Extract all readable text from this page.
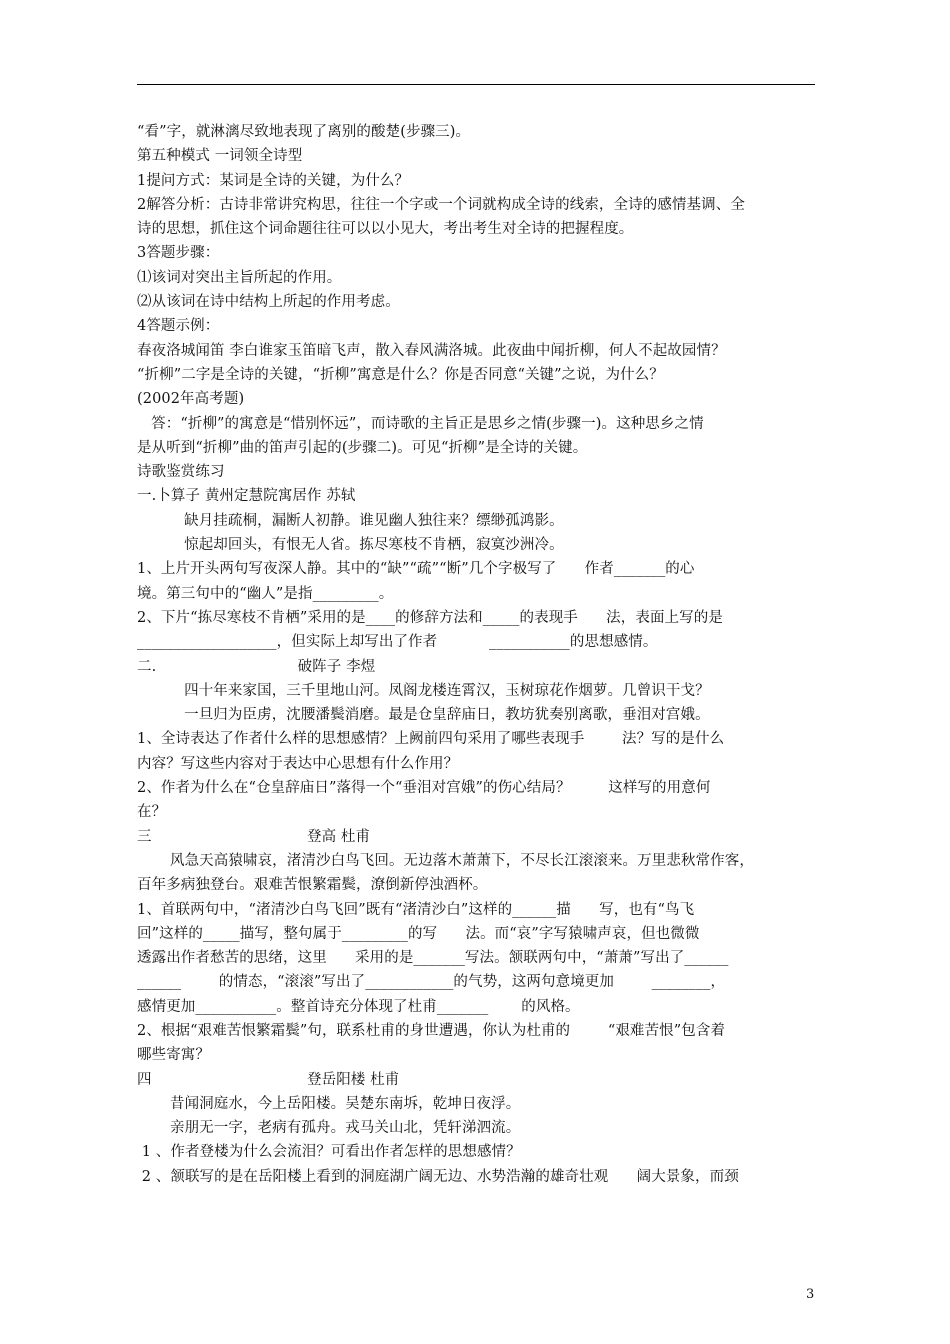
“看”字，就淋漓尽致地表现了离别的酸楚(步骤三)。
第五种模式 一词领全诗型
1提问方式：某词是全诗的关键，为什么？
2解答分析：古诗非常讲究构思，往往一个字或一个词就构成全诗的线索，全诗的感情基调、全
诗的思想，抓住这个词命题往往可以以小见大，考出考生对全诗的把握程度。
3答题步骤：
⑴该词对突出主旨所起的作用。
⑵从该词在诗中结构上所起的作用考虑。
4答题示例：
春夜洛城闻笛 李白谁家玉笛暗飞声，散入春风满洛城。此夜曲中闻折柳，何人不起故园情？
“折柳”二字是全诗的关键，“折柳”寓意是什么？你是否同意“关键”之说，为什么？
(2002年高考题)
答：“折柳”的寓意是“惜别怀远”，而诗歌的主旨正是思乡之情(步骤一)。这种思乡之情
是从听到“折柳”曲的笛声引起的(步骤二)。可见“折柳”是全诗的关键。
诗歌鉴赏练习
一.卜算子 黄州定慧院寓居作 苏轼
缺月挂疏桐，漏断人初静。谁见幽人独往来？缥缈孤鸿影。
惊起却回头，有恨无人省。拣尽寒枝不肯栖，寂寞沙洲冷。
1、上片开头两句写夜深人静。其中的“缺”“疏”“断”几个字极写了      作者_______的心
境。第三句中的“幽人”是指_________。
2、下片“拣尽寒枝不肯栖”采用的是____的修辞方法和_____的表现手      法，表面上写的是
___________________，但实际上却写出了作者           ___________的思想感情。
二.                              破阵子 李煜
四十年来家国，三千里地山河。凤阁龙楼连霄汉，玉树琼花作烟萝。几曾识干戈？
一旦归为臣虏，沈腰潘鬓消磨。最是仓皇辞庙日，教坊犹奏别离歌，垂泪对宫娥。
1、全诗表达了作者什么样的思想感情？上阙前四句采用了哪些表现手        法？写的是什么
内容？写这些内容对于表达中心思想有什么作用？
2、作者为什么在“仓皇辞庙日”落得一个“垂泪对宫娥”的伤心结局？        这样写的用意何
在？
三                                 登高 杜甫
风急天高猿啸哀，渚清沙白鸟飞回。无边落木萧萧下，不尽长江滚滚来。万里悲秋常作客，
百年多病独登台。艰难苦恨繁霜鬓，潦倒新停浊酒杯。
1、首联两句中，“渚清沙白鸟飞回”既有“渚清沙白”这样的______描      写，也有“鸟飞
回”这样的_____描写，整句属于_________的写      法。而“哀”字写猿啸声哀，但也微微
透露出作者愁苦的思绪，这里      采用的是_______写法。颔联两句中，“萧萧”写出了______
______        的情态，“滚滚”写出了____________的气势，这两句意境更加        ________，
感情更加___________。整首诗充分体现了杜甫_______       的风格。
2、根据“艰难苦恨繁霜鬓”句，联系杜甫的身世遭遇，你认为杜甫的        “艰难苦恨”包含着
哪些寄寓？
四                                 登岳阳楼 杜甫
昔闻洞庭水，今上岳阳楼。吴楚东南坼，乾坤日夜浮。
亲朋无一字，老病有孤舟。戎马关山北，凭轩涕泗流。
1 、作者登楼为什么会流泪？可看出作者怎样的思想感情？
2 、颔联写的是在岳阳楼上看到的洞庭湖广阔无边、水势浩瀚的雄奇壮观      阔大景象，而颈
3
